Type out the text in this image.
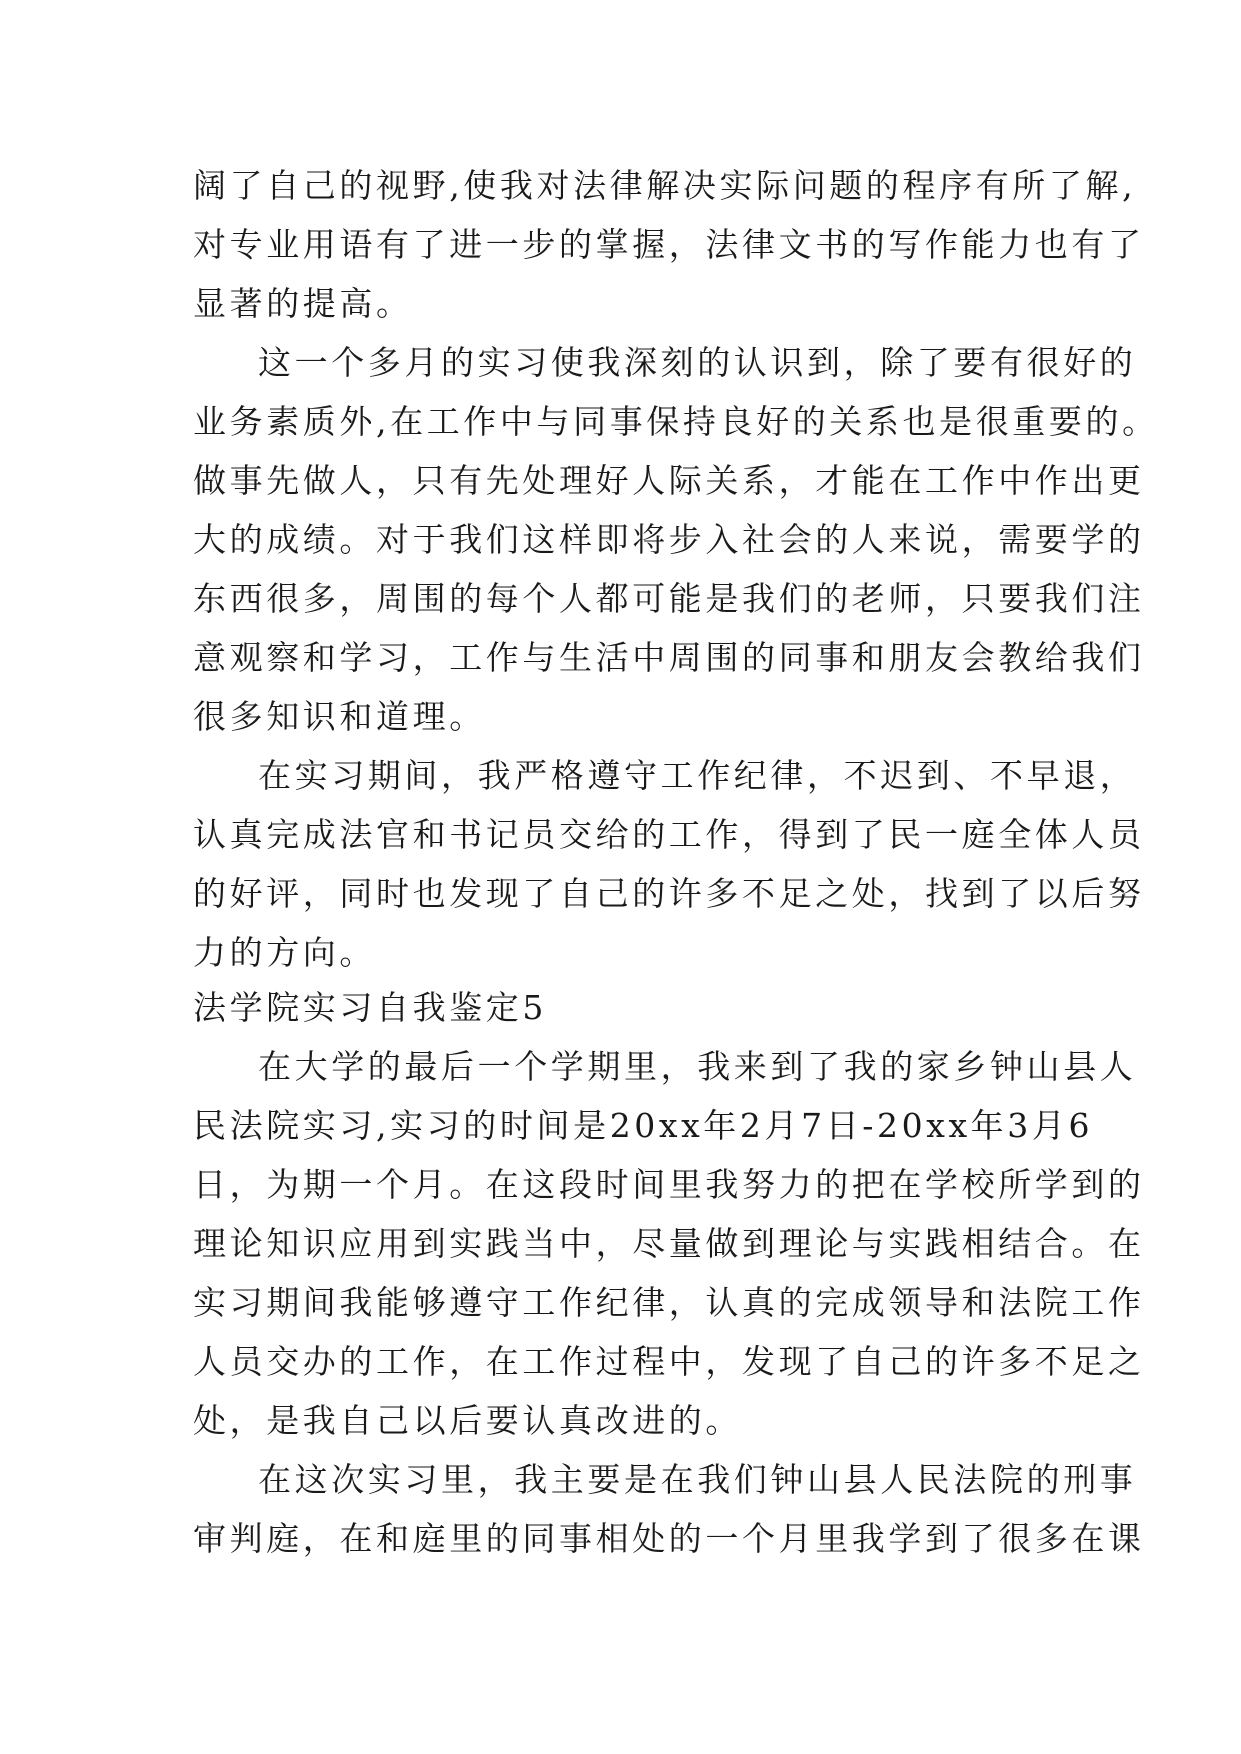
阔了自己的视野,使我对法律解决实际问题的程序有所了解,
对专业用语有了进一步的掌握，法律文书的写作能力也有了
显著的提高。
这一个多月的实习使我深刻的认识到，除了要有很好的
业务素质外,在工作中与同事保持良好的关系也是很重要的。
做事先做人，只有先处理好人际关系，才能在工作中作出更
大的成绩。对于我们这样即将步入社会的人来说，需要学的
东西很多，周围的每个人都可能是我们的老师，只要我们注
意观察和学习，工作与生活中周围的同事和朋友会教给我们
很多知识和道理。
在实习期间，我严格遵守工作纪律，不迟到、不早退，
认真完成法官和书记员交给的工作，得到了民一庭全体人员
的好评，同时也发现了自己的许多不足之处，找到了以后努
力的方向。
法学院实习自我鉴定5
在大学的最后一个学期里，我来到了我的家乡钟山县人
民法院实习,实习的时间是20xx年2月7日-20xx年3月6
日，为期一个月。在这段时间里我努力的把在学校所学到的
理论知识应用到实践当中，尽量做到理论与实践相结合。在
实习期间我能够遵守工作纪律，认真的完成领导和法院工作
人员交办的工作，在工作过程中，发现了自己的许多不足之
处，是我自己以后要认真改进的。
在这次实习里，我主要是在我们钟山县人民法院的刑事
审判庭，在和庭里的同事相处的一个月里我学到了很多在课
